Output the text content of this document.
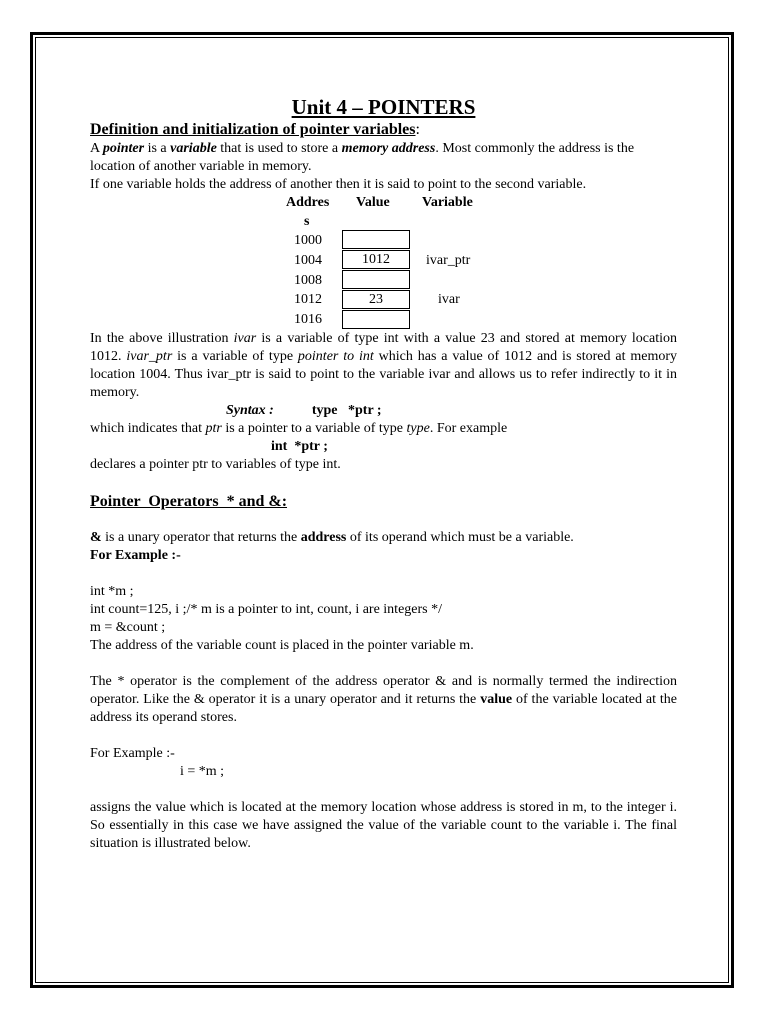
Unit 4 – POINTERS
Definition and initialization of pointer variables:

A pointer is a variable that is used to store a memory address. Most commonly the address is the location of another variable in memory.

If one variable holds the address of another then it is said to point to the second variable.

Addres
s
Value Variable
1000
1004
1008
1012
1016
1012
23
ivar_ptr
ivar

In the above illustration ivar is a variable of type int with a value 23 and stored at memory location 1012. ivar_ptr is a variable of type pointer to int which has a value of 1012 and is stored at memory location 1004. Thus ivar_ptr is said to point to the variable ivar and allows us to refer indirectly to it in memory.

Syntax :	type   *ptr ;

which indicates that ptr is a pointer to a variable of type type. For example

int  *ptr ;

declares a pointer ptr to variables of type int.

Pointer  Operators  * and &:

& is a unary operator that returns the address of its operand which must be a variable.

For Example :-

int *m ;

int count=125, i ;/* m is a pointer to int, count, i are integers */

m = &count ;

The address of the variable count is placed in the pointer variable m.

The * operator is the complement of the address operator & and is normally termed the indirection operator. Like the & operator it is a unary operator and it returns the value of the variable located at the address its operand stores.

For Example :-

i = *m ;

assigns the value which is located at the memory location whose address is stored in m, to the integer i. So essentially in this case we have assigned the value of the variable count to the variable i. The final situation is illustrated below.
